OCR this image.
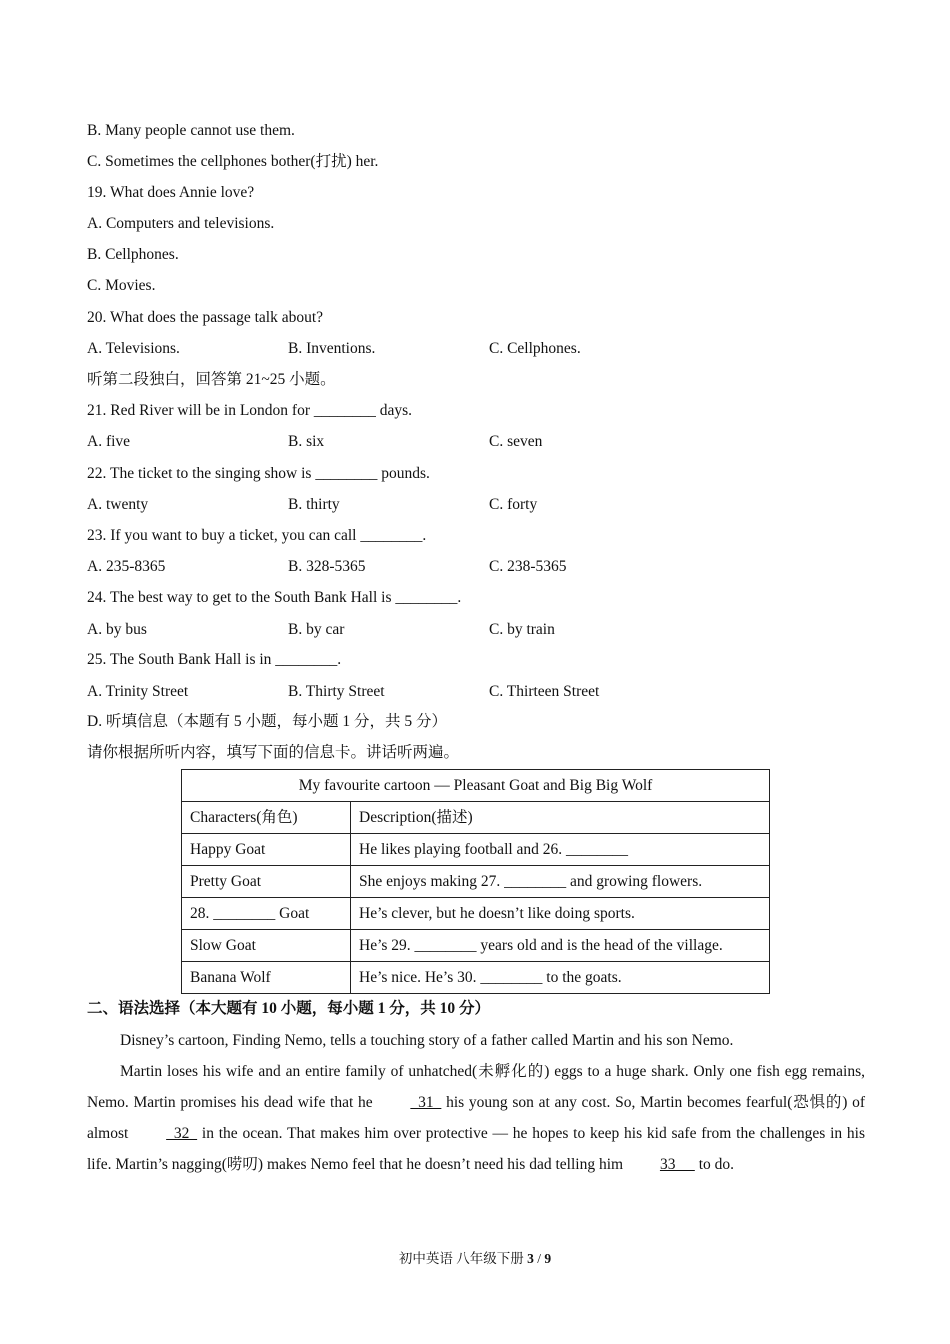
B. Many people cannot use them.
C. Sometimes the cellphones bother(打扰) her.
19. What does Annie love?
A. Computers and televisions.
B. Cellphones.
C. Movies.
20. What does the passage talk about?
A. Televisions.	B. Inventions.	C. Cellphones.
听第二段独白，回答第 21~25 小题。
21. Red River will be in London for ________ days.
A. five	B. six	C. seven
22. The ticket to the singing show is ________ pounds.
A. twenty	B. thirty	C. forty
23. If you want to buy a ticket, you can call ________.
A. 235-8365	B. 328-5365	C. 238-5365
24. The best way to get to the South Bank Hall is ________.
A. by bus	B. by car	C. by train
25. The South Bank Hall is in ________.
A. Trinity Street	B. Thirty Street	C. Thirteen Street
D. 听填信息（本题有 5 小题，每小题 1 分，共 5 分）
请你根据所听内容，填写下面的信息卡。讲话听两遍。
My favourite cartoon — Pleasant Goat and Big Big Wolf	
Characters(角色)	Description(描述)
Happy Goat	He likes playing football and 26. ________
Pretty Goat	She enjoys making 27. ________ and growing flowers.
28. ________ Goat	He’s clever, but he doesn’t like doing sports.
Slow Goat	He’s 29. ________ years old and is the head of the village.
Banana Wolf	He’s nice. He’s 30. ________ to the goats.
二、语法选择（本大题有 10 小题，每小题 1 分，共 10 分）
Disney’s cartoon, Finding Nemo, tells a touching story of a father called Martin and his son Nemo.
Martin loses his wife and an entire family of unhatched(未孵化的) eggs to a huge shark. Only one fish egg remains, Nemo. Martin promises his dead wife that he   31   his young son at any cost. So, Martin becomes fearful(恐惧的) of almost   32   in the ocean. That makes him over protective — he hopes to keep his kid safe from the challenges in his life. Martin’s nagging(唠叨) makes Nemo feel that he doesn’t need his dad telling him 33      to do.
初中英语 八年级下册 3 / 9
